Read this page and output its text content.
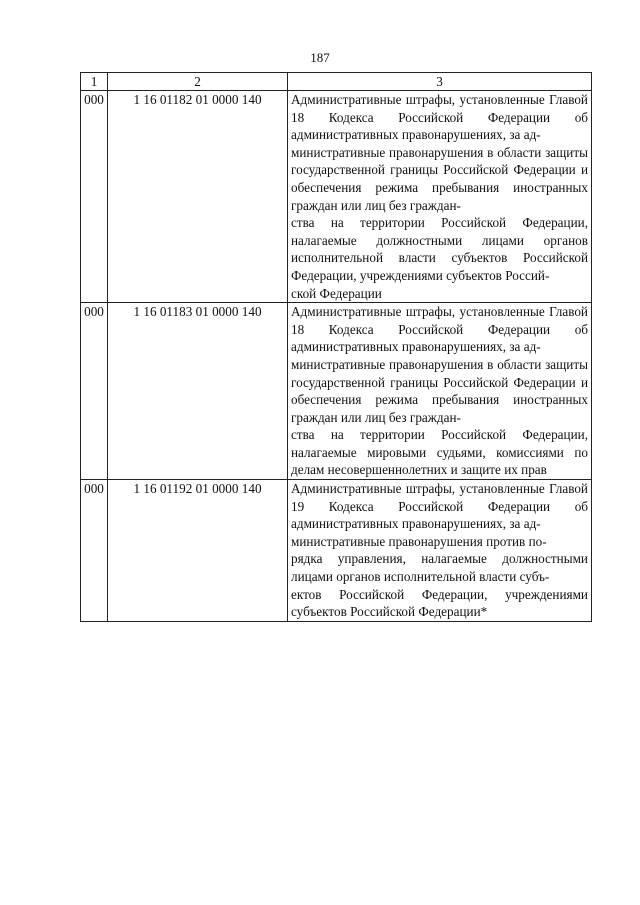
187
1	2	3
000	1 16 01182 01 0000 140	Административные штрафы, установленные Главой 18 Кодекса Российской Федерации об административных правонарушениях, за ад-
министративные правонарушения в области защиты государственной границы Российской Федерации и обеспечения режима пребывания иностранных граждан или лиц без граждан-
ства на территории Российской Федерации, налагаемые должностными лицами органов исполнительной власти субъектов Российской Федерации, учреждениями субъектов Россий-
ской Федерации
000	1 16 01183 01 0000 140	Административные штрафы, установленные Главой 18 Кодекса Российской Федерации об административных правонарушениях, за ад-
министративные правонарушения в области защиты государственной границы Российской Федерации и обеспечения режима пребывания иностранных граждан или лиц без граждан-
ства на территории Российской Федерации, налагаемые мировыми судьями, комиссиями по делам несовершеннолетних и защите их прав
000	1 16 01192 01 0000 140	Административные штрафы, установленные Главой 19 Кодекса Российской Федерации об административных правонарушениях, за ад-
министративные правонарушения против по-
рядка управления, налагаемые должностными лицами органов исполнительной власти субъ-
ектов Российской Федерации, учреждениями субъектов Российской Федерации*
